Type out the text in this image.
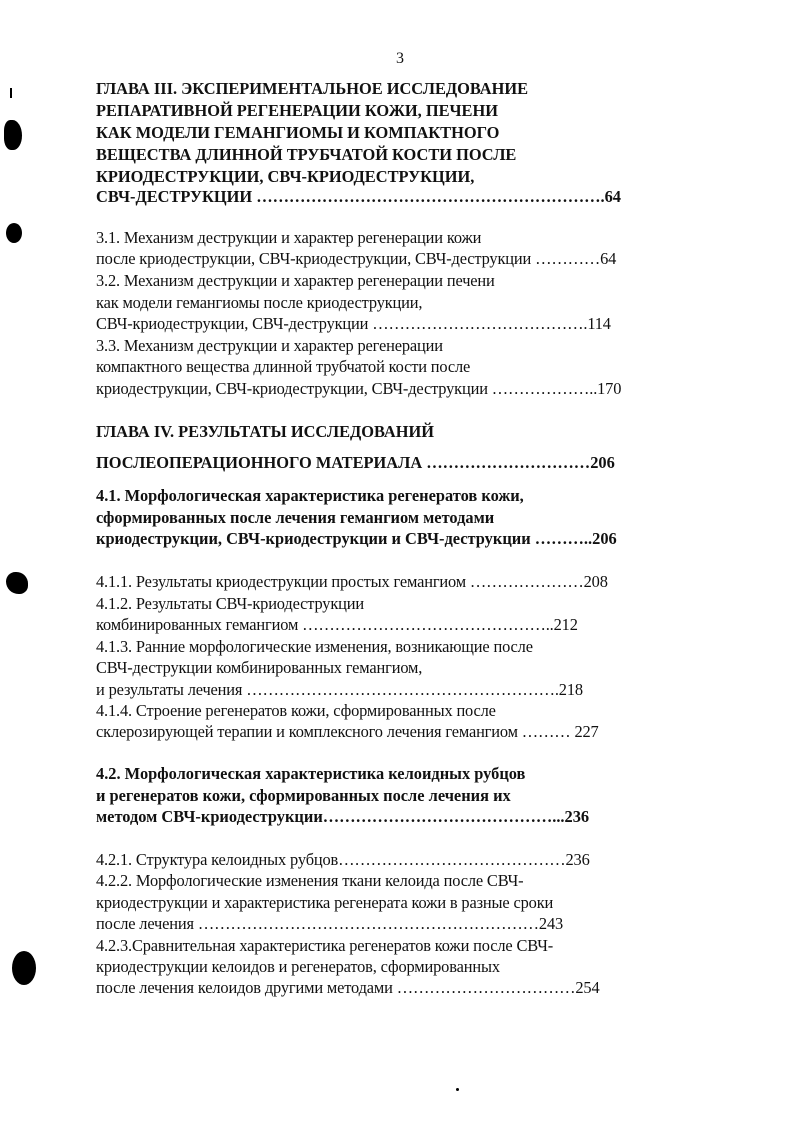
3
ГЛАВА III. ЭКСПЕРИМЕНТАЛЬНОЕ ИССЛЕДОВАНИЕ
РЕПАРАТИВНОЙ РЕГЕНЕРАЦИИ КОЖИ, ПЕЧЕНИ
КАК МОДЕЛИ ГЕМАНГИОМЫ И КОМПАКТНОГО
ВЕЩЕСТВА ДЛИННОЙ ТРУБЧАТОЙ КОСТИ ПОСЛЕ
КРИОДЕСТРУКЦИИ, СВЧ-КРИОДЕСТРУКЦИИ,
СВЧ-ДЕСТРУКЦИИ ……………………………………………………….64
3.1. Механизм деструкции и характер регенерации кожи
после криодеструкции, СВЧ-криодеструкции, СВЧ-деструкции …………64
3.2. Механизм деструкции и характер регенерации печени
как модели гемангиомы после криодеструкции,
СВЧ-криодеструкции, СВЧ-деструкции ………………………………….114
3.3. Механизм деструкции и характер регенерации
компактного вещества длинной трубчатой кости после
криодеструкции, СВЧ-криодеструкции, СВЧ-деструкции ………………..170
ГЛАВА IV. РЕЗУЛЬТАТЫ ИССЛЕДОВАНИЙ
ПОСЛЕОПЕРАЦИОННОГО МАТЕРИАЛА …………………………206
4.1. Морфологическая характеристика регенератов кожи,
сформированных после лечения гемангиом методами
криодеструкции, СВЧ-криодеструкции и СВЧ-деструкции ………..206
4.1.1. Результаты криодеструкции простых гемангиом …………………208
4.1.2. Результаты СВЧ-криодеструкции
комбинированных гемангиом ………………………………………..212
4.1.3. Ранние морфологические изменения, возникающие после
СВЧ-деструкции комбинированных гемангиом,
и результаты лечения ………………………………………………….218
4.1.4. Строение регенератов кожи, сформированных после
склерозирующей терапии и комплексного лечения гемангиом ……… 227
4.2. Морфологическая характеристика келоидных рубцов
и регенератов кожи, сформированных после лечения их
методом СВЧ-криодеструкции……………………………………...236
4.2.1. Структура келоидных рубцов……………………………………236
4.2.2. Морфологические изменения ткани келоида после СВЧ-
криодеструкции и характеристика регенерата кожи в разные сроки
после лечения ………………………………………………………243
4.2.3.Сравнительная характеристика регенератов кожи после СВЧ-
криодеструкции келоидов и регенератов, сформированных
после лечения келоидов другими методами ……………………………254
